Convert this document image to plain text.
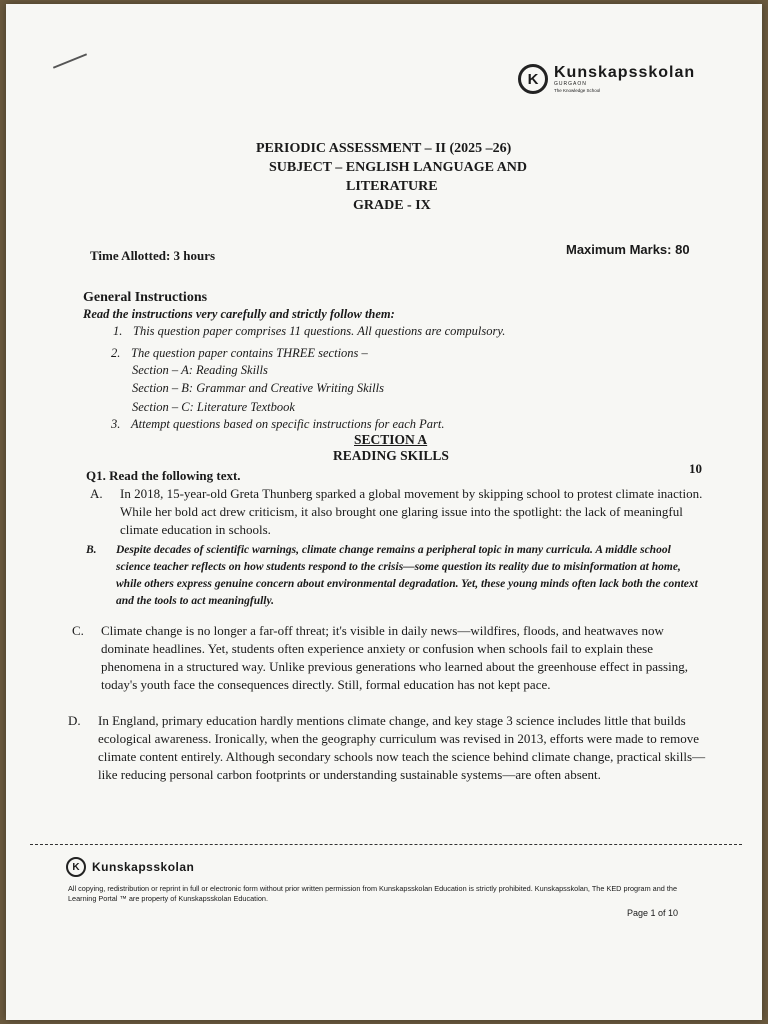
K Kunskapsskolan
GURGAON
The Knowledge School
PERIODIC ASSESSMENT – II (2025 –26)
SUBJECT – ENGLISH LANGUAGE AND
LITERATURE
GRADE - IX
Time Allotted: 3 hours	Maximum Marks: 80
General Instructions
Read the instructions very carefully and strictly follow them:
1. This question paper comprises 11 questions. All questions are compulsory.
2. The question paper contains THREE sections –
Section – A: Reading Skills
Section – B: Grammar and Creative Writing Skills
Section – C: Literature Textbook
3. Attempt questions based on specific instructions for each Part.
SECTION A
READING SKILLS
Q1. Read the following text.	10
A.	In 2018, 15-year-old Greta Thunberg sparked a global movement by skipping school to protest climate inaction. While her bold act drew criticism, it also brought one glaring issue into the spotlight: the lack of meaningful climate education in schools.
B.	Despite decades of scientific warnings, climate change remains a peripheral topic in many curricula. A middle school science teacher reflects on how students respond to the crisis—some question its reality due to misinformation at home, while others express genuine concern about environmental degradation. Yet, these young minds often lack both the context and the tools to act meaningfully.
C.	Climate change is no longer a far-off threat; it's visible in daily news—wildfires, floods, and heatwaves now dominate headlines. Yet, students often experience anxiety or confusion when schools fail to explain these phenomena in a structured way. Unlike previous generations who learned about the greenhouse effect in passing, today's youth face the consequences directly. Still, formal education has not kept pace.
D.	In England, primary education hardly mentions climate change, and key stage 3 science includes little that builds ecological awareness. Ironically, when the geography curriculum was revised in 2013, efforts were made to remove climate content entirely. Although secondary schools now teach the science behind climate change, practical skills—like reducing personal carbon footprints or understanding sustainable systems—are often absent.
K	Kunskapsskolan
All copying, redistribution or reprint in full or electronic form without prior written permission from Kunskapsskolan Education is strictly prohibited. Kunskapsskolan, The KED program and the Learning Portal ™ are property of Kunskapsskolan Education.
Page 1 of 10
